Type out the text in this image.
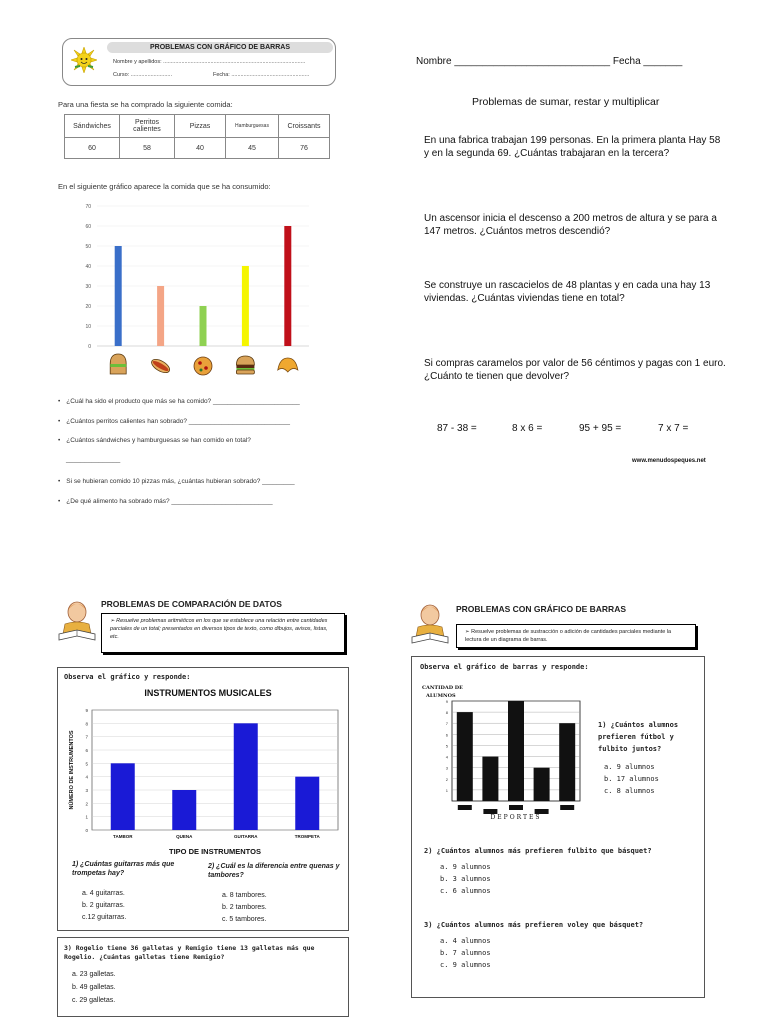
PROBLEMAS CON GRÁFICO DE BARRAS
Nombre y apellidos: .............................................................................................
Curso: ...........................	Fecha: ...................................................
Para una fiesta se ha comprado la siguiente comida:
Sándwiches	Perritos calientes	Pizzas	Hamburguesas	Croissants
60	58	40	45	76
En el siguiente gráfico aparece la comida que se ha consumido:
0
10
20
30
40
50
60
70
• ¿Cuál ha sido el producto que más se ha comido? ________________________
• ¿Cuántos perritos calientes han sobrado? ____________________________
• ¿Cuántos sándwiches y hamburguesas se han comido en total?
_______________
• Si se hubieran comido 10 pizzas más, ¿cuántas hubieran sobrado? _________
• ¿De qué alimento ha sobrado más? ____________________________
Nombre ____________________________ Fecha _______
Problemas de sumar, restar y multiplicar
En una fabrica trabajan 199 personas. En la primera planta Hay 58 y en la segunda 69. ¿Cuántas trabajaran en la tercera?
Un ascensor inicia el descenso a 200 metros de altura y se para a 147 metros. ¿Cuántos metros descendió?
Se construye un rascacielos de 48 plantas y en cada una hay 13 viviendas. ¿Cuántas viviendas tiene en total?
Si compras caramelos por valor de 56 céntimos y pagas con 1 euro. ¿Cuánto te tienen que devolver?
87 - 38 =	8 x 6 =	95 + 95 =	7 x 7 =
www.menudospeques.net
PROBLEMAS DE COMPARACIÓN DE DATOS
➢ Resuelve problemas aritméticos en los que se establece una relación entre cantidades parciales de un total; presentados en diversos tipos de texto, como dibujos, avisos, listas, etc.
Observa el gráfico y responde:
INSTRUMENTOS MUSICALES
0
1
2
3
4
5
6
7
8
9
TAMBOR	QUENA	GUITARRA	TROMPETA
TIPO DE INSTRUMENTOS
NÚMERO DE INSTRUMENTOS
1) ¿Cuántas guitarras más que trompetas hay?
a. 4 guitarras.
b. 2 guitarras.
c.12 guitarras.
2) ¿Cuál es la diferencia entre quenas y tambores?
a. 8 tambores.
b. 2 tambores.
c. 5 tambores.
3) Rogelio tiene 36 galletas y Remigio tiene 13 galletas más que Rogelio. ¿Cuántas galletas tiene Remigio?
a. 23 galletas.
b. 49 galletas.
c. 29 galletas.
PROBLEMAS CON GRÁFICO DE BARRAS
➢ Resuelve problemas de sustracción o adición de cantidades parciales mediante la lectura de un diagrama de barras.
Observa el gráfico de barras y responde:
CANTIDAD DE
ALUMNOS
1
2
3
4
5
6
7
8
9
DEPORTES
1) ¿Cuántos alumnos
prefieren fútbol y
fulbito juntos?
a. 9 alumnos
b. 17 alumnos
c. 8 alumnos
2) ¿Cuántos alumnos más prefieren fulbito que básquet?
a. 9 alumnos
b. 3 alumnos
c. 6 alumnos
3) ¿Cuántos alumnos más prefieren voley que básquet?
a. 4 alumnos
b. 7 alumnos
c. 9 alumnos
